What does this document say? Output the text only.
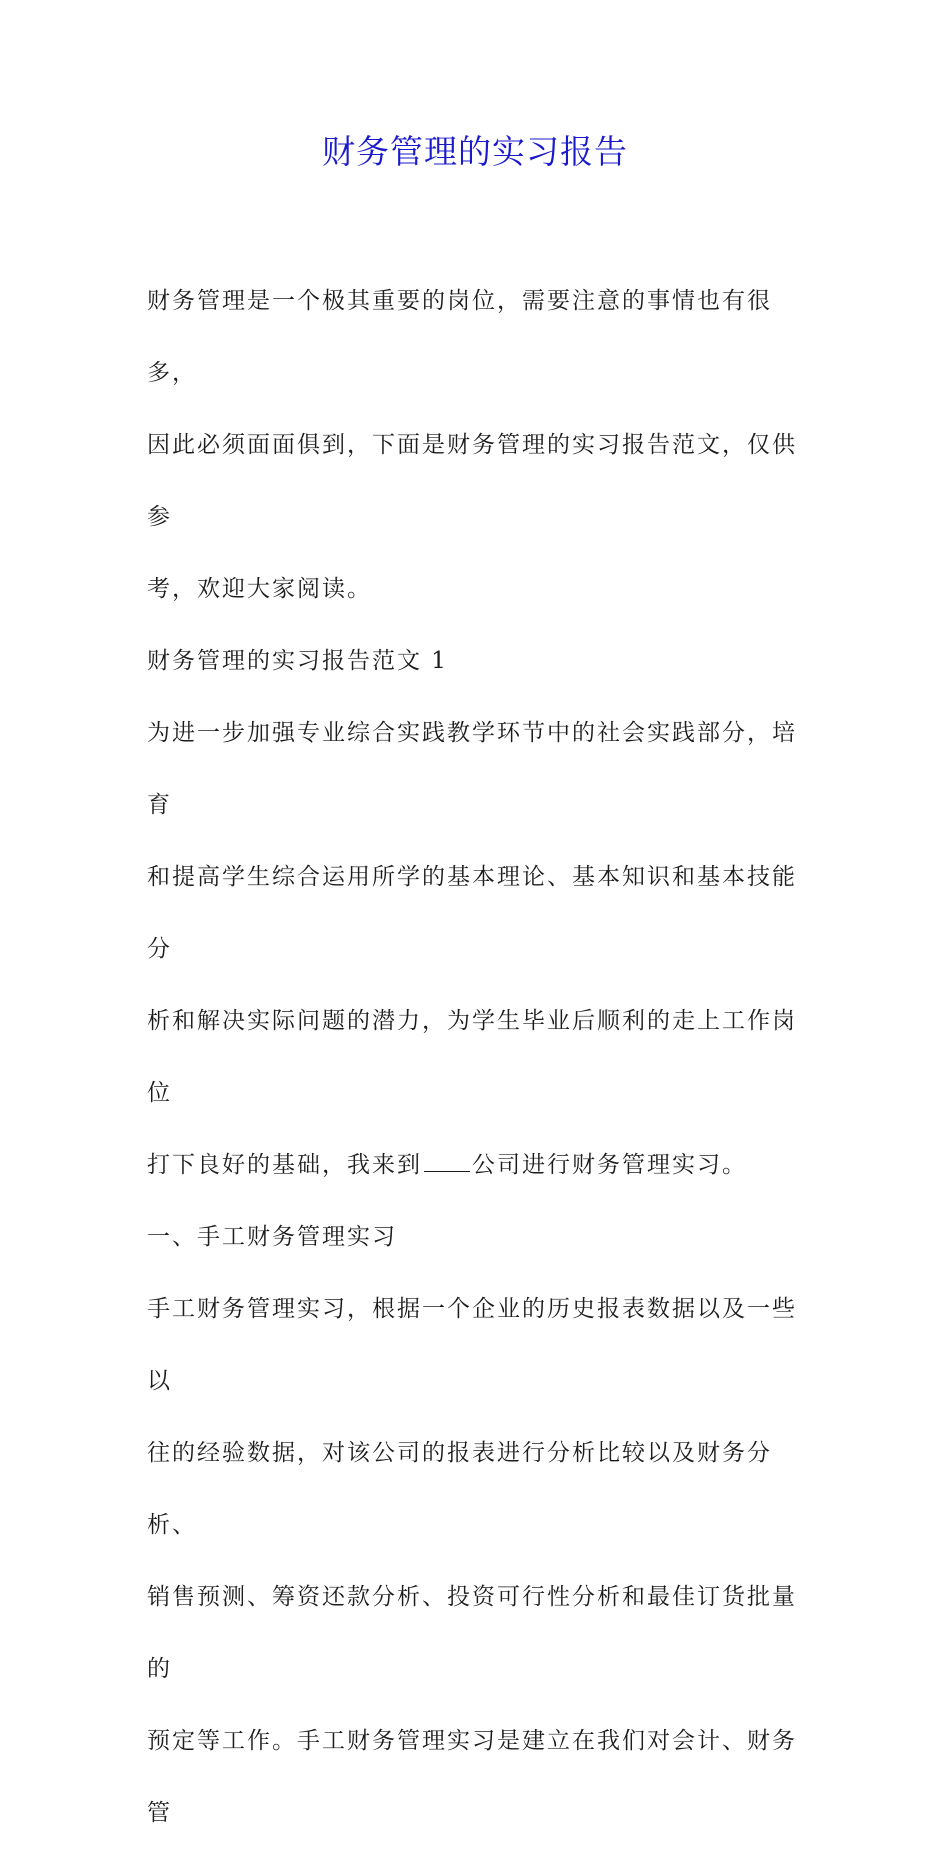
财务管理的实习报告

财务管理是一个极其重要的岗位，需要注意的事情也有很多，

因此必须面面俱到，下面是财务管理的实习报告范文，仅供参

考，欢迎大家阅读。

财务管理的实习报告范文 1

为进一步加强专业综合实践教学环节中的社会实践部分，培育

和提高学生综合运用所学的基本理论、基本知识和基本技能分

析和解决实际问题的潜力，为学生毕业后顺利的走上工作岗位

打下良好的基础，我来到 公司进行财务管理实习。

一、手工财务管理实习

手工财务管理实习，根据一个企业的历史报表数据以及一些以

往的经验数据，对该公司的报表进行分析比较以及财务分析、

销售预测、筹资还款分析、投资可行性分析和最佳订货批量的

预定等工作。手工财务管理实习是建立在我们对会计、财务管
